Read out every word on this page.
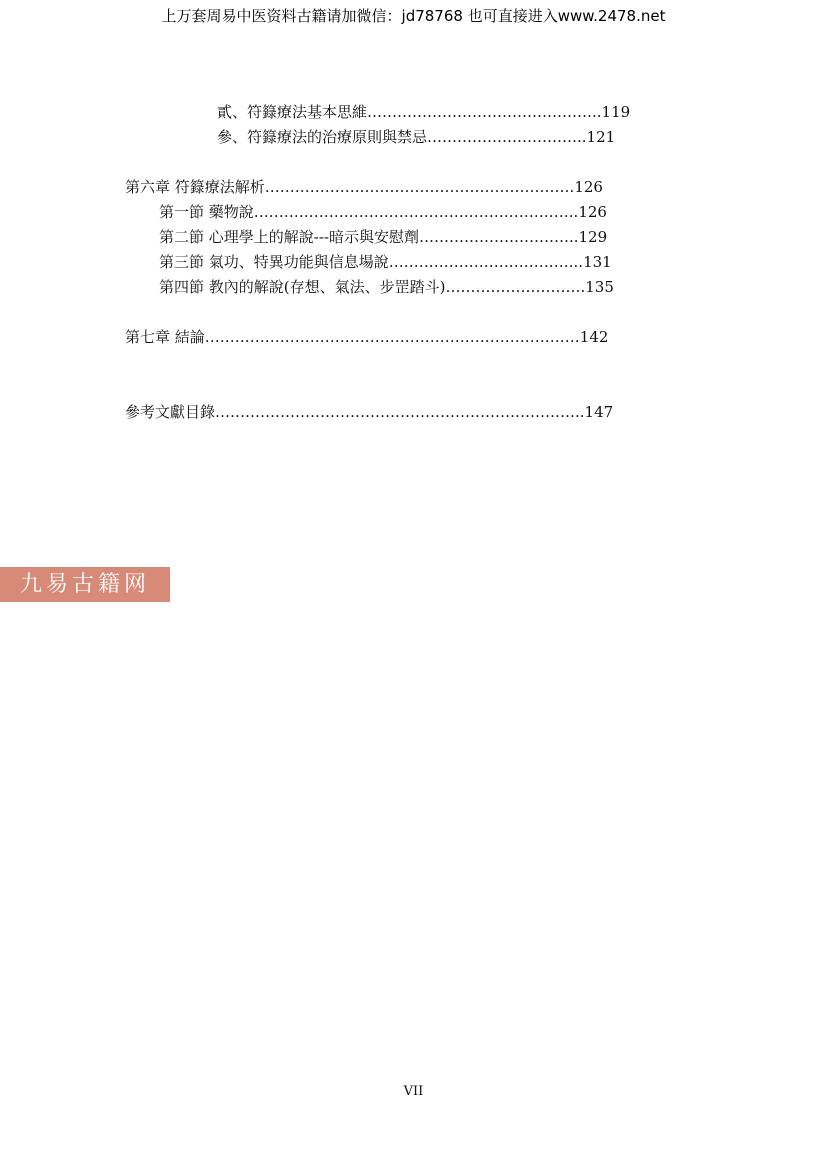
上万套周易中医资料古籍请加微信：jd78768 也可直接进入www.2478.net
貳、符籙療法基本思維………………………………………..119
參、符籙療法的治療原則與禁忌…………………………..121
第六章 符籙療法解析……………….…………………………………….126
第一節 藥物說………………………………………………………..126
第二節 心理學上的解說---暗示與安慰劑…………………………..129
第三節 氣功、特異功能與信息場說………………………………...131
第四節 教內的解說(存想、氣法、步罡踏斗)……………………….135
第七章 結論…………………………………………………………………142
參考文獻目錄………………………………………………………………..147
九易古籍网
VII
